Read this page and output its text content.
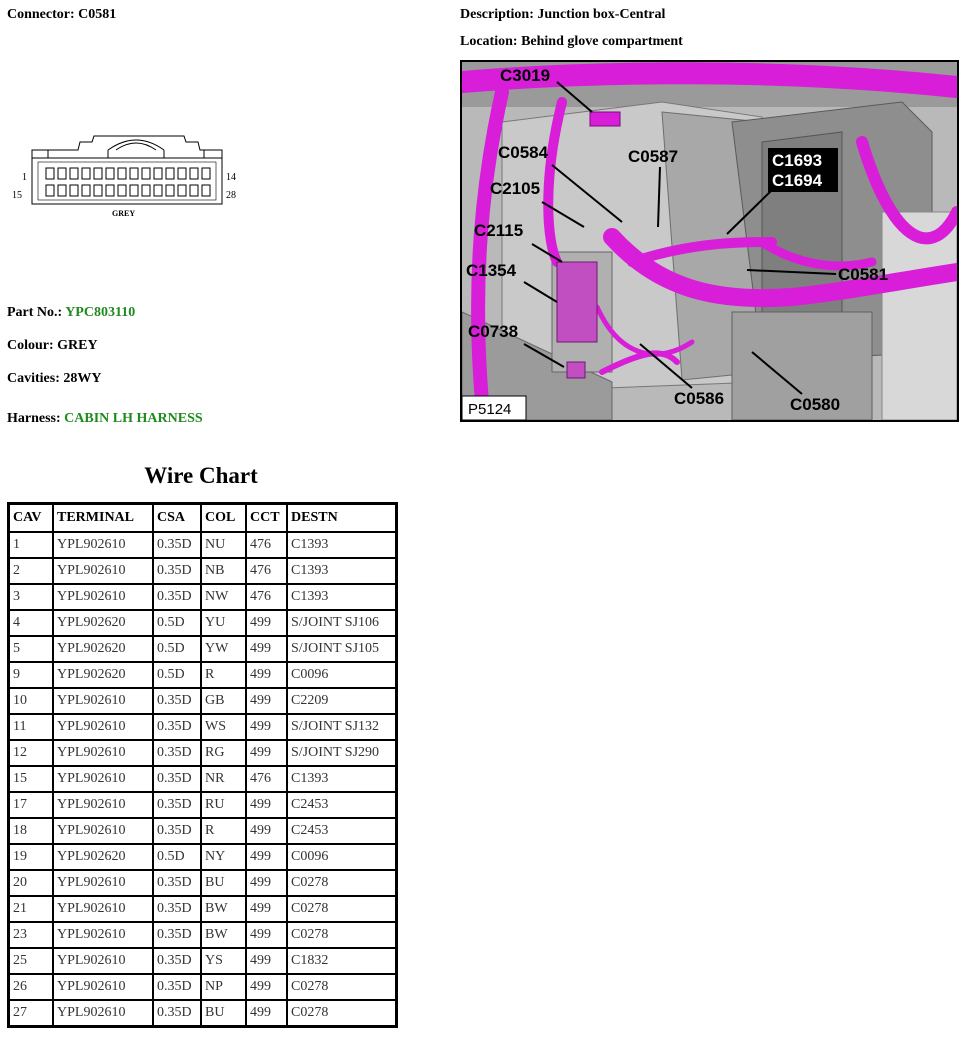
Connector: C0581	Description: Junction box-Central
Location: Behind glove compartment
1
15
14
28
GREY
Part No.: YPC803110
Colour: GREY
Cavities: 28WY
Harness: CABIN LH HARNESS
C3019
C0584	C0587	C1693
C1694
C2105
C2115
C1354	C0581
C0738
C0586	C0580
P5124
Wire Chart
CAV	TERMINAL	CSA	COL	CCT	DESTN
1	YPL902610	0.35D	NU	476	C1393
2	YPL902610	0.35D	NB	476	C1393
3	YPL902610	0.35D	NW	476	C1393
4	YPL902620	0.5D	YU	499	S/JOINT SJ106
5	YPL902620	0.5D	YW	499	S/JOINT SJ105
9	YPL902620	0.5D	R	499	C0096
10	YPL902610	0.35D	GB	499	C2209
11	YPL902610	0.35D	WS	499	S/JOINT SJ132
12	YPL902610	0.35D	RG	499	S/JOINT SJ290
15	YPL902610	0.35D	NR	476	C1393
17	YPL902610	0.35D	RU	499	C2453
18	YPL902610	0.35D	R	499	C2453
19	YPL902620	0.5D	NY	499	C0096
20	YPL902610	0.35D	BU	499	C0278
21	YPL902610	0.35D	BW	499	C0278
23	YPL902610	0.35D	BW	499	C0278
25	YPL902610	0.35D	YS	499	C1832
26	YPL902610	0.35D	NP	499	C0278
27	YPL902610	0.35D	BU	499	C0278
